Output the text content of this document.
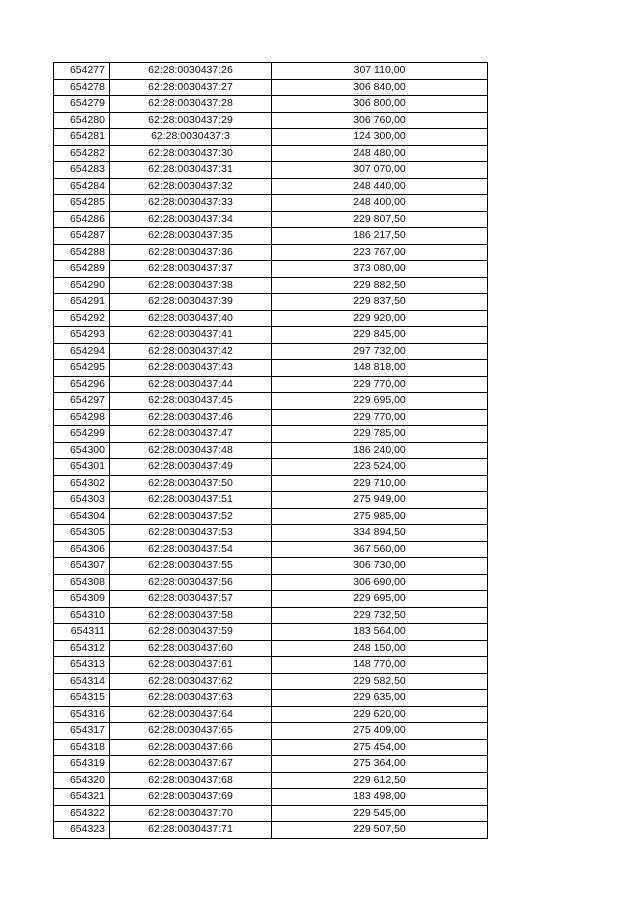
654277	62:28:0030437:26	307 110,00
654278	62:28:0030437:27	306 840,00
654279	62:28:0030437:28	306 800,00
654280	62:28:0030437:29	306 760,00
654281	62:28:0030437:3	124 300,00
654282	62:28:0030437:30	248 480,00
654283	62:28:0030437:31	307 070,00
654284	62:28:0030437:32	248 440,00
654285	62:28:0030437:33	248 400,00
654286	62:28:0030437:34	229 807,50
654287	62:28:0030437:35	186 217,50
654288	62:28:0030437:36	223 767,00
654289	62:28:0030437:37	373 080,00
654290	62:28:0030437:38	229 882,50
654291	62:28:0030437:39	229 837,50
654292	62:28:0030437:40	229 920,00
654293	62:28:0030437:41	229 845,00
654294	62:28:0030437:42	297 732,00
654295	62:28:0030437:43	148 818,00
654296	62:28:0030437:44	229 770,00
654297	62:28:0030437:45	229 695,00
654298	62:28:0030437:46	229 770,00
654299	62:28:0030437:47	229 785,00
654300	62:28:0030437:48	186 240,00
654301	62:28:0030437:49	223 524,00
654302	62:28:0030437:50	229 710,00
654303	62:28:0030437:51	275 949,00
654304	62:28:0030437:52	275 985,00
654305	62:28:0030437:53	334 894,50
654306	62:28:0030437:54	367 560,00
654307	62:28:0030437:55	306 730,00
654308	62:28:0030437:56	306 690,00
654309	62:28:0030437:57	229 695,00
654310	62:28:0030437:58	229 732,50
654311	62:28:0030437:59	183 564,00
654312	62:28:0030437:60	248 150,00
654313	62:28:0030437:61	148 770,00
654314	62:28:0030437:62	229 582,50
654315	62:28:0030437:63	229 635,00
654316	62:28:0030437:64	229 620,00
654317	62:28:0030437:65	275 409,00
654318	62:28:0030437:66	275 454,00
654319	62:28:0030437:67	275 364,00
654320	62:28:0030437:68	229 612,50
654321	62:28:0030437:69	183 498,00
654322	62:28:0030437:70	229 545,00
654323	62:28:0030437:71	229 507,50
